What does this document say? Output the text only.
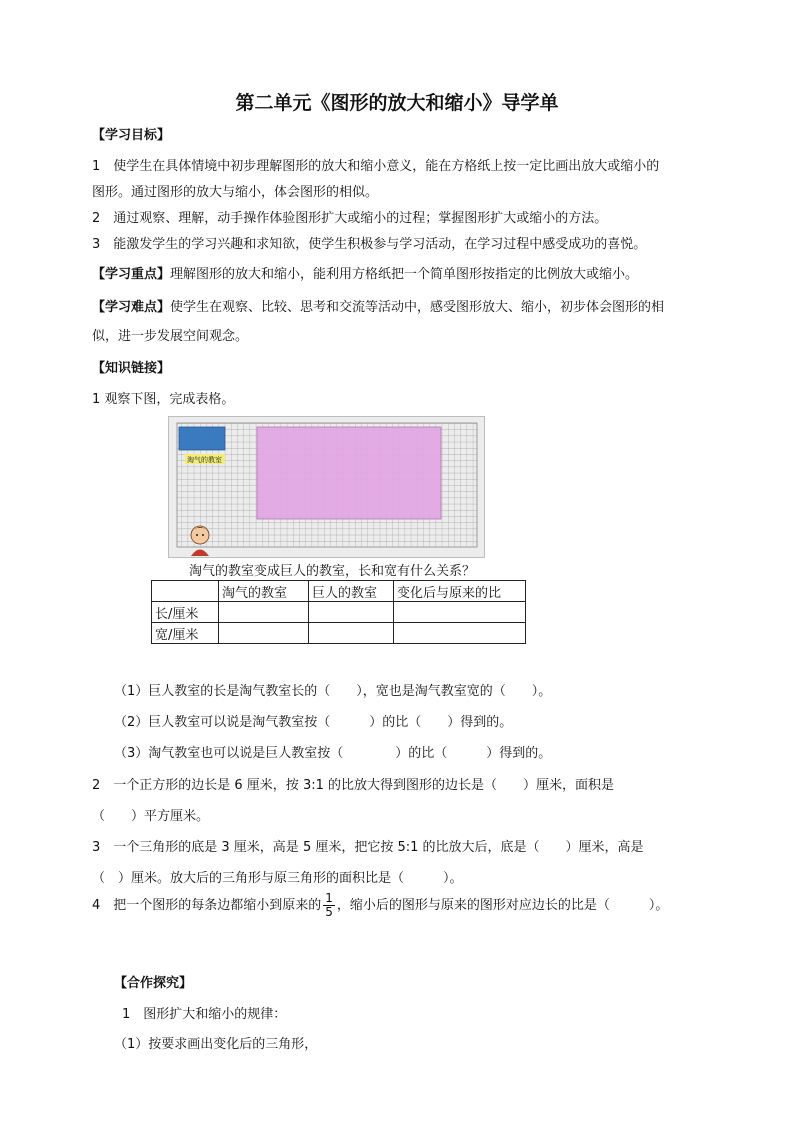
第二单元《图形的放大和缩小》导学单
【学习目标】
1　使学生在具体情境中初步理解图形的放大和缩小意义，能在方格纸上按一定比画出放大或缩小的
图形。通过图形的放大与缩小，体会图形的相似。
2　通过观察、理解，动手操作体验图形扩大或缩小的过程；掌握图形扩大或缩小的方法。
3　能激发学生的学习兴趣和求知欲，使学生积极参与学习活动，在学习过程中感受成功的喜悦。
【学习重点】理解图形的放大和缩小，能利用方格纸把一个简单图形按指定的比例放大或缩小。
【学习难点】使学生在观察、比较、思考和交流等活动中，感受图形放大、缩小，初步体会图形的相
似，进一步发展空间观念。
【知识链接】
1 观察下图，完成表格。
淘气的教室
淘气的教室变成巨人的教室，长和宽有什么关系？
	淘气的教室	巨人的教室	变化后与原来的比
长/厘米			
宽/厘米			
（1）巨人教室的长是淘气教室长的（　　），宽也是淘气教室宽的（　　）。
（2）巨人教室可以说是淘气教室按（　　　）的比（　　）得到的。
（3）淘气教室也可以说是巨人教室按（　　　　）的比（　　　）得到的。
2　一个正方形的边长是 6 厘米，按 3:1 的比放大得到图形的边长是（　　）厘米，面积是
（　　）平方厘米。
3　一个三角形的底是 3 厘米，高是 5 厘米，把它按 5:1 的比放大后，底是（　　）厘米，高是
（　）厘米。放大后的三角形与原三角形的面积比是（　　　）。
4　把一个图形的每条边都缩小到原来的 $\frac{1}{5}$ ，缩小后的图形与原来的图形对应边长的比是（　　　）。
【合作探究】
1　图形扩大和缩小的规律：
（1）按要求画出变化后的三角形，
